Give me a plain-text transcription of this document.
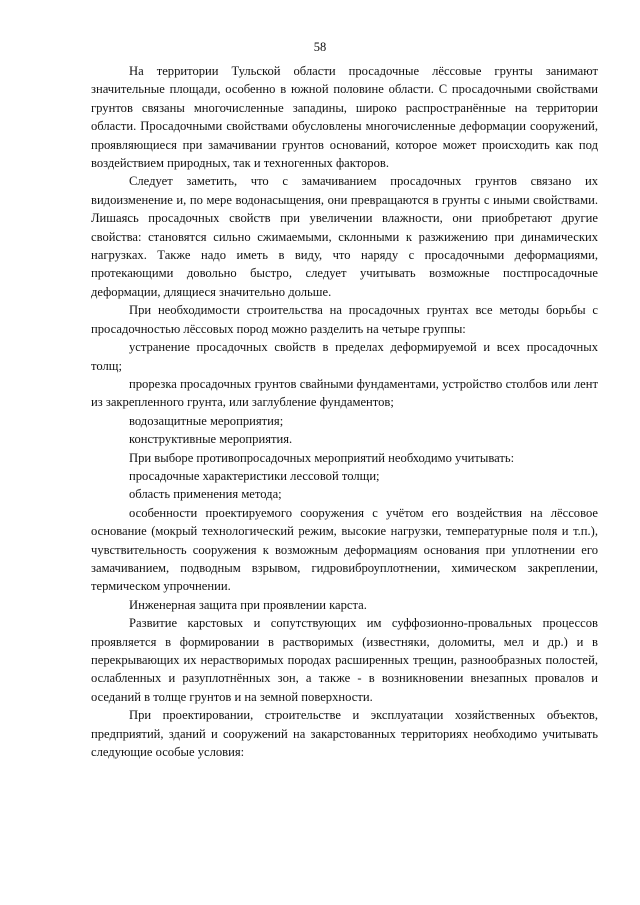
58

На территории Тульской области просадочные лёссовые грунты занимают значительные площади, особенно в южной половине области. С просадочными свойствами грунтов связаны многочисленные западины, широко распространённые на территории области. Просадочными свойствами обусловлены многочисленные деформации сооружений, проявляющиеся при замачивании грунтов оснований, которое может происходить как под воздействием природных, так и техногенных факторов.

Следует заметить, что с замачиванием просадочных грунтов связано их видоизменение и, по мере водонасыщения, они превращаются в грунты с иными свойствами. Лишаясь просадочных свойств при увеличении влажности, они приобретают другие свойства: становятся сильно сжимаемыми, склонными к разжижению при динамических нагрузках. Также надо иметь в виду, что наряду с просадочными деформациями, протекающими довольно быстро, следует учитывать возможные постпросадочные деформации, длящиеся значительно дольше.

При необходимости строительства на просадочных грунтах все методы борьбы с просадочностью лёссовых пород можно разделить на четыре группы:

устранение просадочных свойств в пределах деформируемой и всех просадочных толщ;

прорезка просадочных грунтов свайными фундаментами, устройство столбов или лент из закрепленного грунта, или заглубление фундаментов;

водозащитные мероприятия;

конструктивные мероприятия.

При выборе противопросадочных мероприятий необходимо учитывать:

просадочные характеристики лессовой толщи;

область применения метода;

особенности проектируемого сооружения с учётом его воздействия на лёссовое основание (мокрый технологический режим, высокие нагрузки, температурные поля и т.п.), чувствительность сооружения к возможным деформациям основания при уплотнении его замачиванием, подводным взрывом, гидровиброуплотнении, химическом закреплении, термическом упрочнении.

Инженерная защита при проявлении карста.

Развитие карстовых и сопутствующих им суффозионно-провальных процессов проявляется в формировании в растворимых (известняки, доломиты, мел и др.) и в перекрывающих их нерастворимых породах расширенных трещин, разнообразных полостей, ослабленных и разуплотнённых зон, а также - в возникновении внезапных провалов и оседаний в толще грунтов и на земной поверхности.

При проектировании, строительстве и эксплуатации хозяйственных объектов, предприятий, зданий и сооружений на закарстованных территориях необходимо учитывать следующие особые условия:
